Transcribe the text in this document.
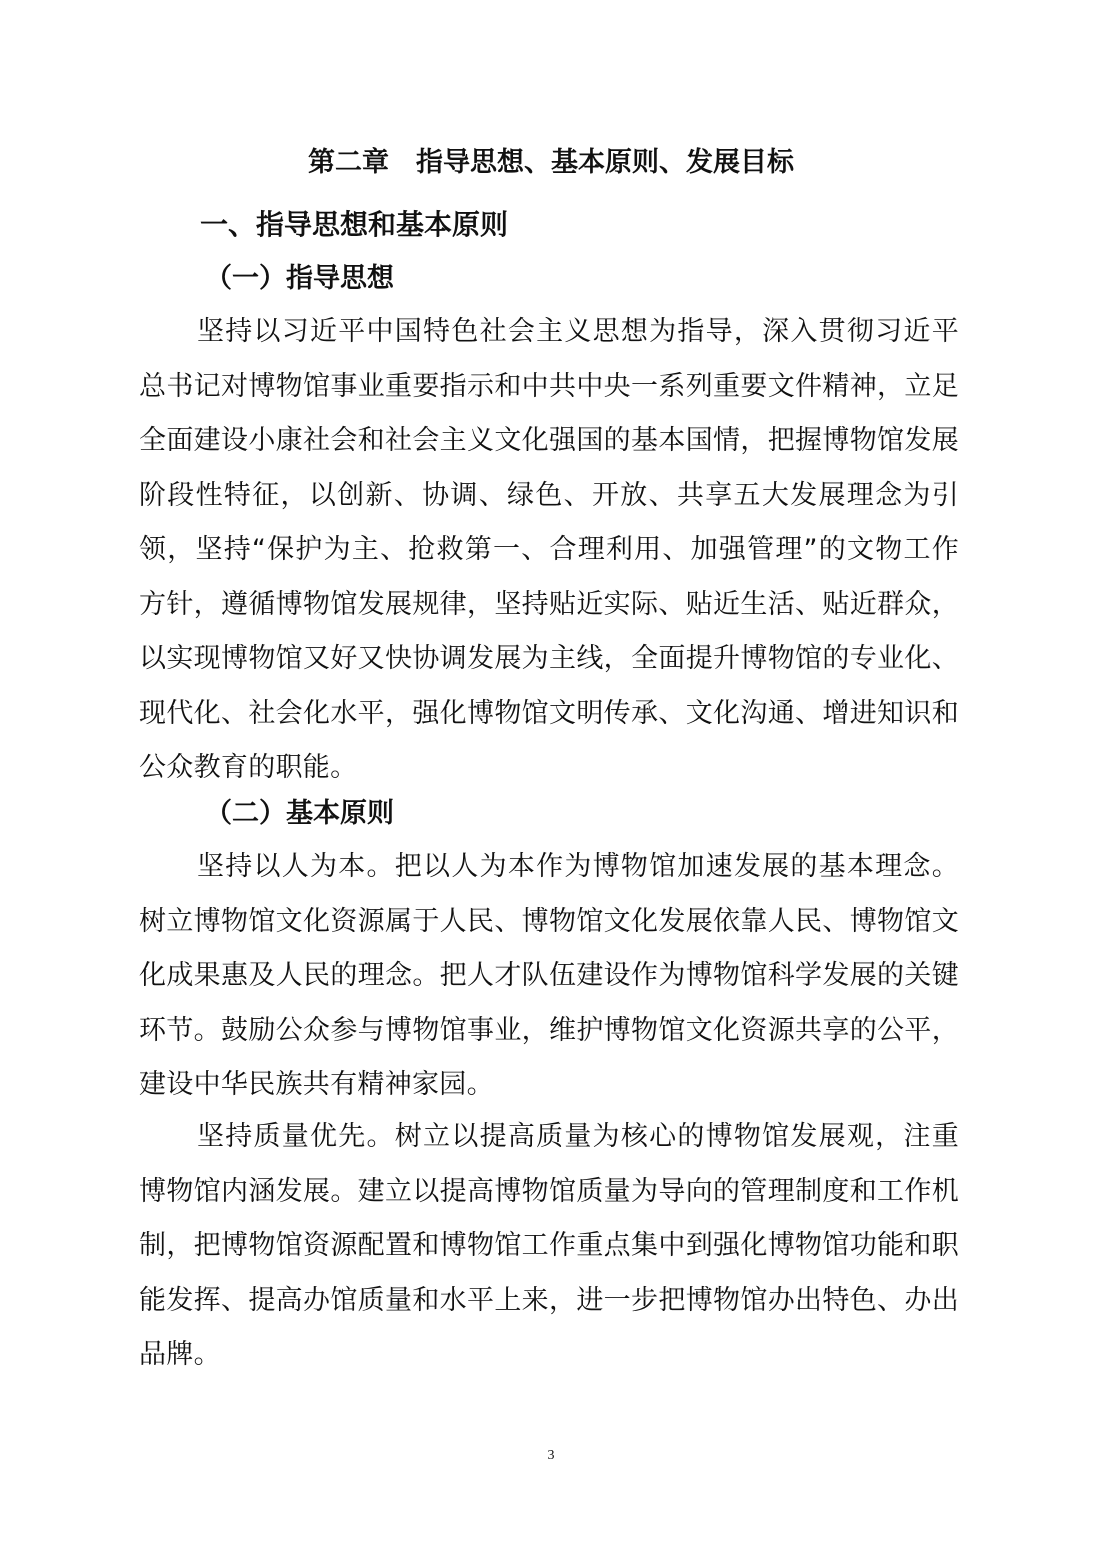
第二章　指导思想、基本原则、发展目标
一、指导思想和基本原则
（一）指导思想

坚持以习近平中国特色社会主义思想为指导，深入贯彻习近平总书记对博物馆事业重要指示和中共中央一系列重要文件精神，立足全面建设小康社会和社会主义文化强国的基本国情，把握博物馆发展阶段性特征，以创新、协调、绿色、开放、共享五大发展理念为引领，坚持“保护为主、抢救第一、合理利用、加强管理”的文物工作方针，遵循博物馆发展规律，坚持贴近实际、贴近生活、贴近群众，以实现博物馆又好又快协调发展为主线，全面提升博物馆的专业化、现代化、社会化水平，强化博物馆文明传承、文化沟通、增进知识和公众教育的职能。

（二）基本原则

坚持以人为本。把以人为本作为博物馆加速发展的基本理念。树立博物馆文化资源属于人民、博物馆文化发展依靠人民、博物馆文化成果惠及人民的理念。把人才队伍建设作为博物馆科学发展的关键环节。鼓励公众参与博物馆事业，维护博物馆文化资源共享的公平，建设中华民族共有精神家园。

坚持质量优先。树立以提高质量为核心的博物馆发展观，注重博物馆内涵发展。建立以提高博物馆质量为导向的管理制度和工作机制，把博物馆资源配置和博物馆工作重点集中到强化博物馆功能和职能发挥、提高办馆质量和水平上来，进一步把博物馆办出特色、办出品牌。

3
